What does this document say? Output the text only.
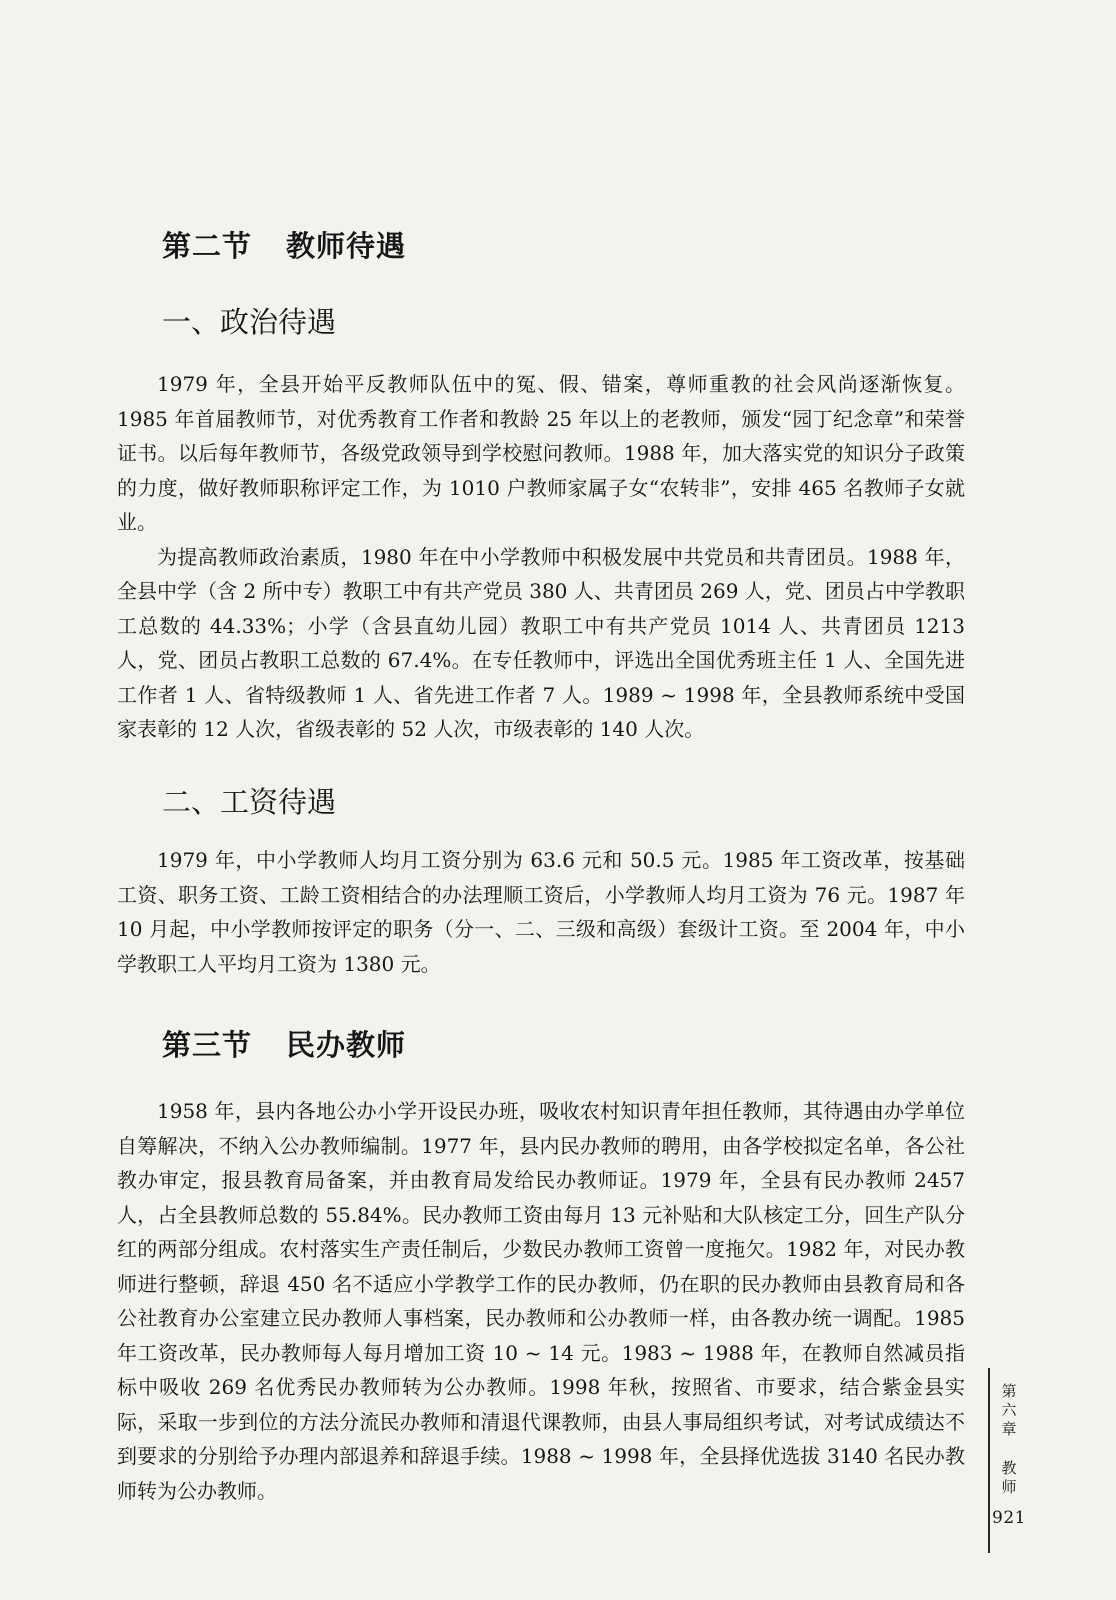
第二节 教师待遇
一、政治待遇

1979 年，全县开始平反教师队伍中的冤、假、错案，尊师重教的社会风尚逐渐恢复。1985 年首届教师节，对优秀教育工作者和教龄 25 年以上的老教师，颁发“园丁纪念章”和荣誉证书。以后每年教师节，各级党政领导到学校慰问教师。1988 年，加大落实党的知识分子政策的力度，做好教师职称评定工作，为 1010 户教师家属子女“农转非”，安排 465 名教师子女就业。

为提高教师政治素质，1980 年在中小学教师中积极发展中共党员和共青团员。1988 年，全县中学（含 2 所中专）教职工中有共产党员 380 人、共青团员 269 人，党、团员占中学教职工总数的 44.33%；小学（含县直幼儿园）教职工中有共产党员 1014 人、共青团员 1213 人，党、团员占教职工总数的 67.4%。在专任教师中，评选出全国优秀班主任 1 人、全国先进工作者 1 人、省特级教师 1 人、省先进工作者 7 人。1989 ~ 1998 年，全县教师系统中受国家表彰的 12 人次，省级表彰的 52 人次，市级表彰的 140 人次。

二、工资待遇

1979 年，中小学教师人均月工资分别为 63.6 元和 50.5 元。1985 年工资改革，按基础工资、职务工资、工龄工资相结合的办法理顺工资后，小学教师人均月工资为 76 元。1987 年 10 月起，中小学教师按评定的职务（分一、二、三级和高级）套级计工资。至 2004 年，中小学教职工人平均月工资为 1380 元。

第三节 民办教师

1958 年，县内各地公办小学开设民办班，吸收农村知识青年担任教师，其待遇由办学单位自筹解决，不纳入公办教师编制。1977 年，县内民办教师的聘用，由各学校拟定名单，各公社教办审定，报县教育局备案，并由教育局发给民办教师证。1979 年，全县有民办教师 2457 人，占全县教师总数的 55.84%。民办教师工资由每月 13 元补贴和大队核定工分，回生产队分红的两部分组成。农村落实生产责任制后，少数民办教师工资曾一度拖欠。1982 年，对民办教师进行整顿，辞退 450 名不适应小学教学工作的民办教师，仍在职的民办教师由县教育局和各公社教育办公室建立民办教师人事档案，民办教师和公办教师一样，由各教办统一调配。1985 年工资改革，民办教师每人每月增加工资 10 ~ 14 元。1983 ~ 1988 年，在教师自然减员指标中吸收 269 名优秀民办教师转为公办教师。1998 年秋，按照省、市要求，结合紫金县实际，采取一步到位的方法分流民办教师和清退代课教师，由县人事局组织考试，对考试成绩达不到要求的分别给予办理内部退养和辞退手续。1988 ~ 1998 年，全县择优选拔 3140 名民办教师转为公办教师。

第六章
教师
921
